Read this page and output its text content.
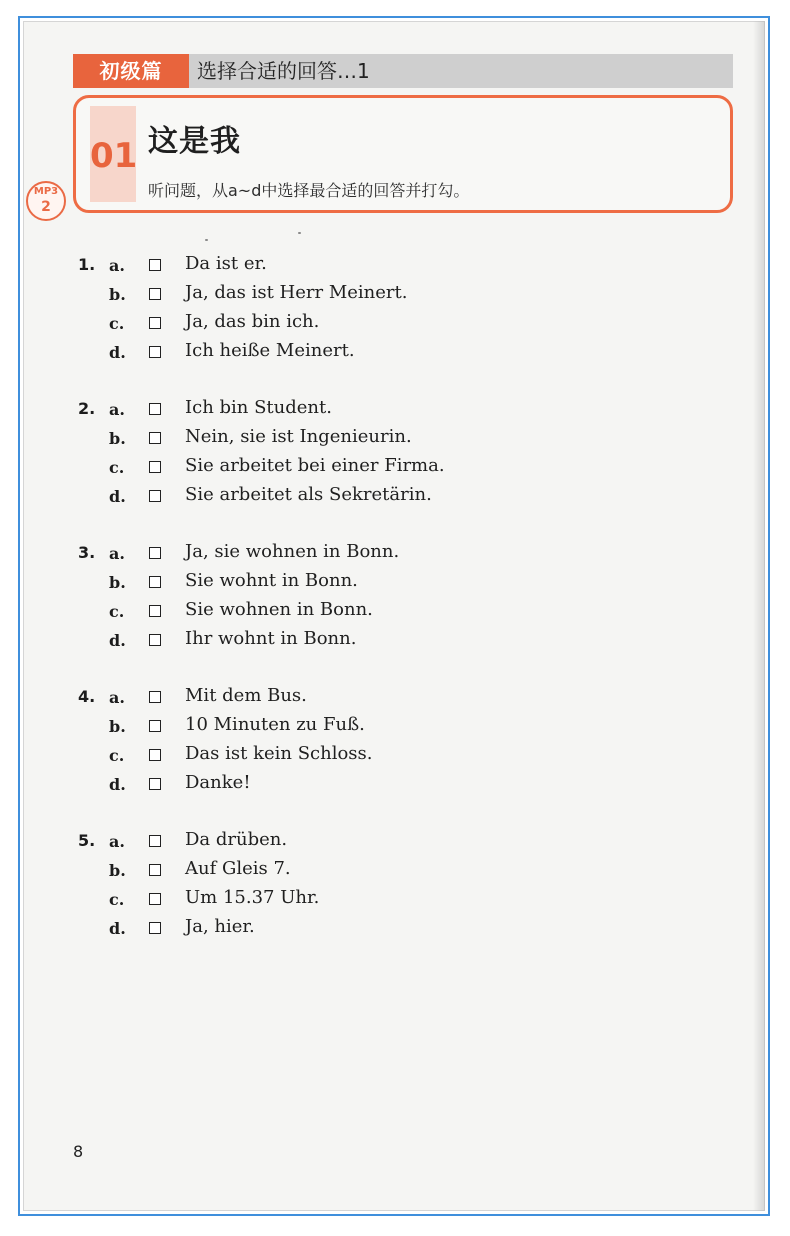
初级篇	选择合适的回答…1
01 这是我
听问题，从a~d中选择最合适的回答并打勾。
MP3
2
1. a.	Da ist er.
b.	Ja, das ist Herr Meinert.
c.	Ja, das bin ich.
d.	Ich heiße Meinert.
2. a.	Ich bin Student.
b.	Nein, sie ist Ingenieurin.
c.	Sie arbeitet bei einer Firma.
d.	Sie arbeitet als Sekretärin.
3. a.	Ja, sie wohnen in Bonn.
b.	Sie wohnt in Bonn.
c.	Sie wohnen in Bonn.
d.	Ihr wohnt in Bonn.
4. a.	Mit dem Bus.
b.	10 Minuten zu Fuß.
c.	Das ist kein Schloss.
d.	Danke!
5. a.	Da drüben.
b.	Auf Gleis 7.
c.	Um 15.37 Uhr.
d.	Ja, hier.
8
